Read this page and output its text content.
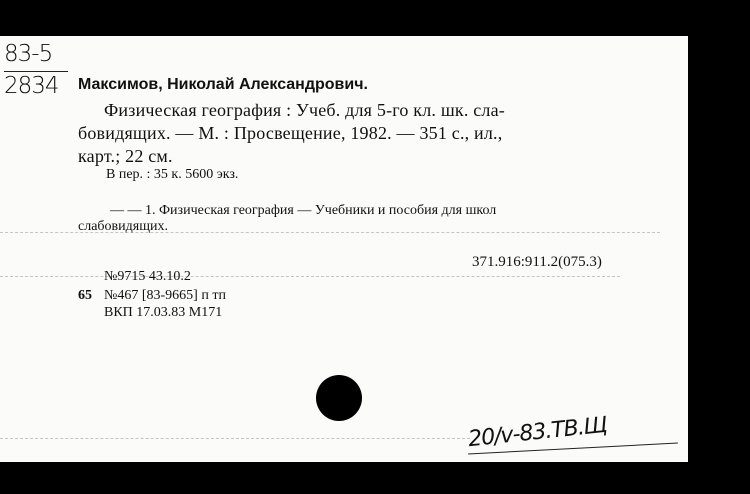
83-5
2834 Максимов, Николай Александрович.
Физическая география : Учеб. для 5-го кл. шк. сла-
бовидящих. — М. : Просвещение, 1982. — 351 с., ил.,
карт.; 22 см.
В пер. : 35 к. 5600 экз.
— — 1. Физическая география — Учебники и пособия для школ
слабовидящих.
371.916:911.2(075.3)
№9715 43.10.2
65 №467 [83-9665] п тп
ВКП 17.03.83 М171
20/v-83.ТВ.Щ
